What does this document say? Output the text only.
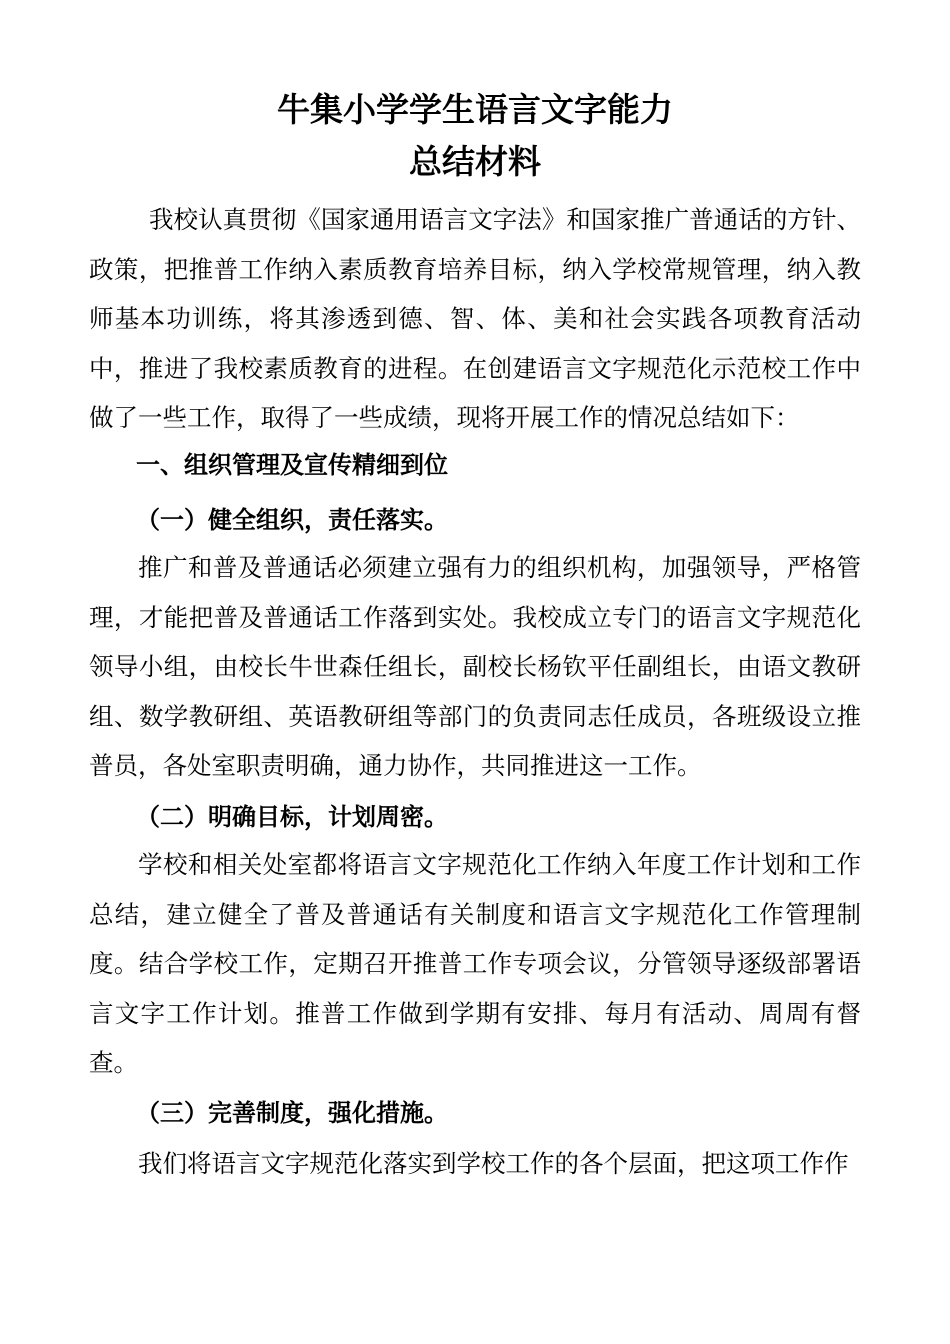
牛集小学学生语言文字能力
总结材料
我校认真贯彻《国家通用语言文字法》和国家推广普通话的方针、政策，把推普工作纳入素质教育培养目标，纳入学校常规管理，纳入教师基本功训练，将其渗透到德、智、体、美和社会实践各项教育活动中，推进了我校素质教育的进程。在创建语言文字规范化示范校工作中做了一些工作，取得了一些成绩，现将开展工作的情况总结如下：
一、组织管理及宣传精细到位
（一）健全组织，责任落实。
推广和普及普通话必须建立强有力的组织机构，加强领导，严格管理，才能把普及普通话工作落到实处。我校成立专门的语言文字规范化领导小组，由校长牛世森任组长，副校长杨钦平任副组长，由语文教研组、数学教研组、英语教研组等部门的负责同志任成员，各班级设立推普员，各处室职责明确，通力协作，共同推进这一工作。
（二）明确目标，计划周密。
学校和相关处室都将语言文字规范化工作纳入年度工作计划和工作总结，建立健全了普及普通话有关制度和语言文字规范化工作管理制度。结合学校工作，定期召开推普工作专项会议，分管领导逐级部署语言文字工作计划。推普工作做到学期有安排、每月有活动、周周有督查。
（三）完善制度，强化措施。
我们将语言文字规范化落实到学校工作的各个层面，把这项工作作
